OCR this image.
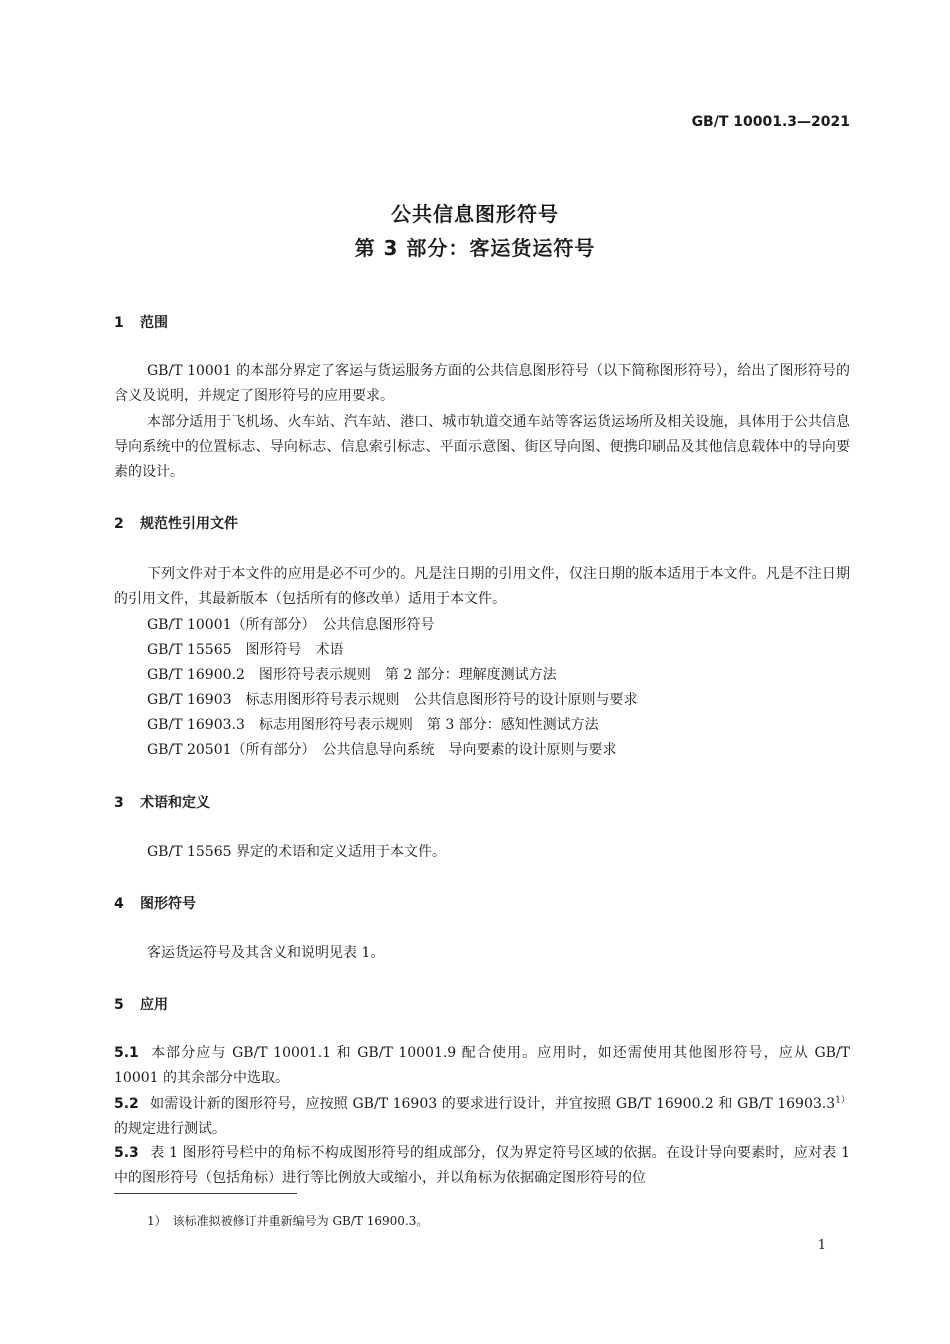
GB/T 10001.3—2021
公共信息图形符号
第 3 部分：客运货运符号
1 范围
GB/T 10001 的本部分界定了客运与货运服务方面的公共信息图形符号（以下简称图形符号），给出了图形符号的含义及说明，并规定了图形符号的应用要求。
本部分适用于飞机场、火车站、汽车站、港口、城市轨道交通车站等客运货运场所及相关设施，具体用于公共信息导向系统中的位置标志、导向标志、信息索引标志、平面示意图、街区导向图、便携印刷品及其他信息载体中的导向要素的设计。
2 规范性引用文件
下列文件对于本文件的应用是必不可少的。凡是注日期的引用文件，仅注日期的版本适用于本文件。凡是不注日期的引用文件，其最新版本（包括所有的修改单）适用于本文件。
GB/T 10001（所有部分）　公共信息图形符号
GB/T 15565　图形符号　术语
GB/T 16900.2　图形符号表示规则　第 2 部分：理解度测试方法
GB/T 16903　标志用图形符号表示规则　公共信息图形符号的设计原则与要求
GB/T 16903.3　标志用图形符号表示规则　第 3 部分：感知性测试方法
GB/T 20501（所有部分）　公共信息导向系统　导向要素的设计原则与要求
3 术语和定义
GB/T 15565 界定的术语和定义适用于本文件。
4 图形符号
客运货运符号及其含义和说明见表 1。
5 应用
5.1 本部分应与 GB/T 10001.1 和 GB/T 10001.9 配合使用。应用时，如还需使用其他图形符号，应从 GB/T 10001 的其余部分中选取。
5.2 如需设计新的图形符号，应按照 GB/T 16903 的要求进行设计，并宜按照 GB/T 16900.2 和 GB/T $16903.3^{1)}$的规定进行测试。
5.3 表 1 图形符号栏中的角标不构成图形符号的组成部分，仅为界定符号区域的依据。在设计导向要素时，应对表 1 中的图形符号（包括角标）进行等比例放大或缩小，并以角标为依据确定图形符号的位
1）　该标准拟被修订并重新编号为 GB/T 16900.3。
1
